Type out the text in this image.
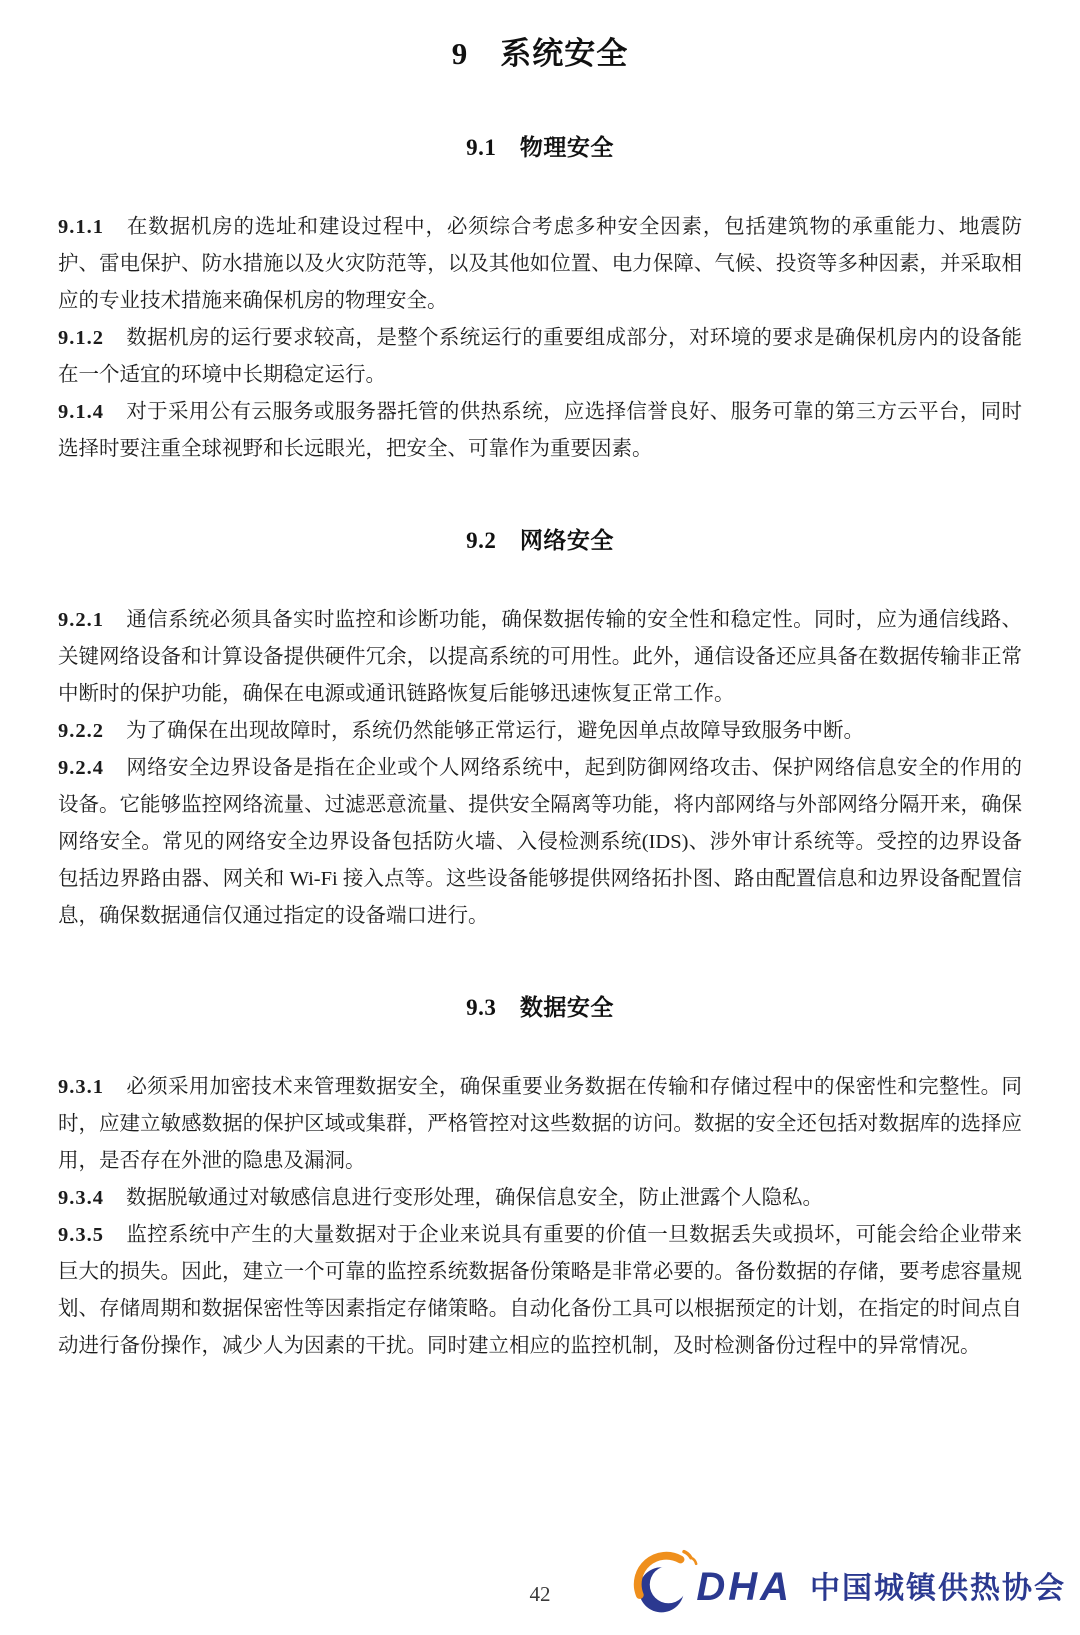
9　系统安全
9.1　物理安全

9.1.1 在数据机房的选址和建设过程中，必须综合考虑多种安全因素，包括建筑物的承重能力、地震防护、雷电保护、防水措施以及火灾防范等，以及其他如位置、电力保障、气候、投资等多种因素，并采取相应的专业技术措施来确保机房的物理安全。

9.1.2 数据机房的运行要求较高，是整个系统运行的重要组成部分，对环境的要求是确保机房内的设备能在一个适宜的环境中长期稳定运行。

9.1.4 对于采用公有云服务或服务器托管的供热系统，应选择信誉良好、服务可靠的第三方云平台，同时选择时要注重全球视野和长远眼光，把安全、可靠作为重要因素。

9.2　网络安全

9.2.1 通信系统必须具备实时监控和诊断功能，确保数据传输的安全性和稳定性。同时，应为通信线路、关键网络设备和计算设备提供硬件冗余，以提高系统的可用性。此外，通信设备还应具备在数据传输非正常中断时的保护功能，确保在电源或通讯链路恢复后能够迅速恢复正常工作。

9.2.2 为了确保在出现故障时，系统仍然能够正常运行，避免因单点故障导致服务中断。

9.2.4 网络安全边界设备是指在企业或个人网络系统中，起到防御网络攻击、保护网络信息安全的作用的设备。它能够监控网络流量、过滤恶意流量、提供安全隔离等功能，将内部网络与外部网络分隔开来，确保网络安全。常见的网络安全边界设备包括防火墙、入侵检测系统(IDS)、涉外审计系统等。受控的边界设备包括边界路由器、网关和 Wi-Fi 接入点等。这些设备能够提供网络拓扑图、路由配置信息和边界设备配置信息，确保数据通信仅通过指定的设备端口进行。

9.3　数据安全

9.3.1 必须采用加密技术来管理数据安全，确保重要业务数据在传输和存储过程中的保密性和完整性。同时，应建立敏感数据的保护区域或集群，严格管控对这些数据的访问。数据的安全还包括对数据库的选择应用，是否存在外泄的隐患及漏洞。

9.3.4 数据脱敏通过对敏感信息进行变形处理，确保信息安全，防止泄露个人隐私。

9.3.5 监控系统中产生的大量数据对于企业来说具有重要的价值一旦数据丢失或损坏，可能会给企业带来巨大的损失。因此，建立一个可靠的监控系统数据备份策略是非常必要的。备份数据的存储，要考虑容量规划、存储周期和数据保密性等因素指定存储策略。自动化备份工具可以根据预定的计划，在指定的时间点自动进行备份操作，减少人为因素的干扰。同时建立相应的监控机制，及时检测备份过程中的异常情况。

42	DHA 中国城镇供热协会
